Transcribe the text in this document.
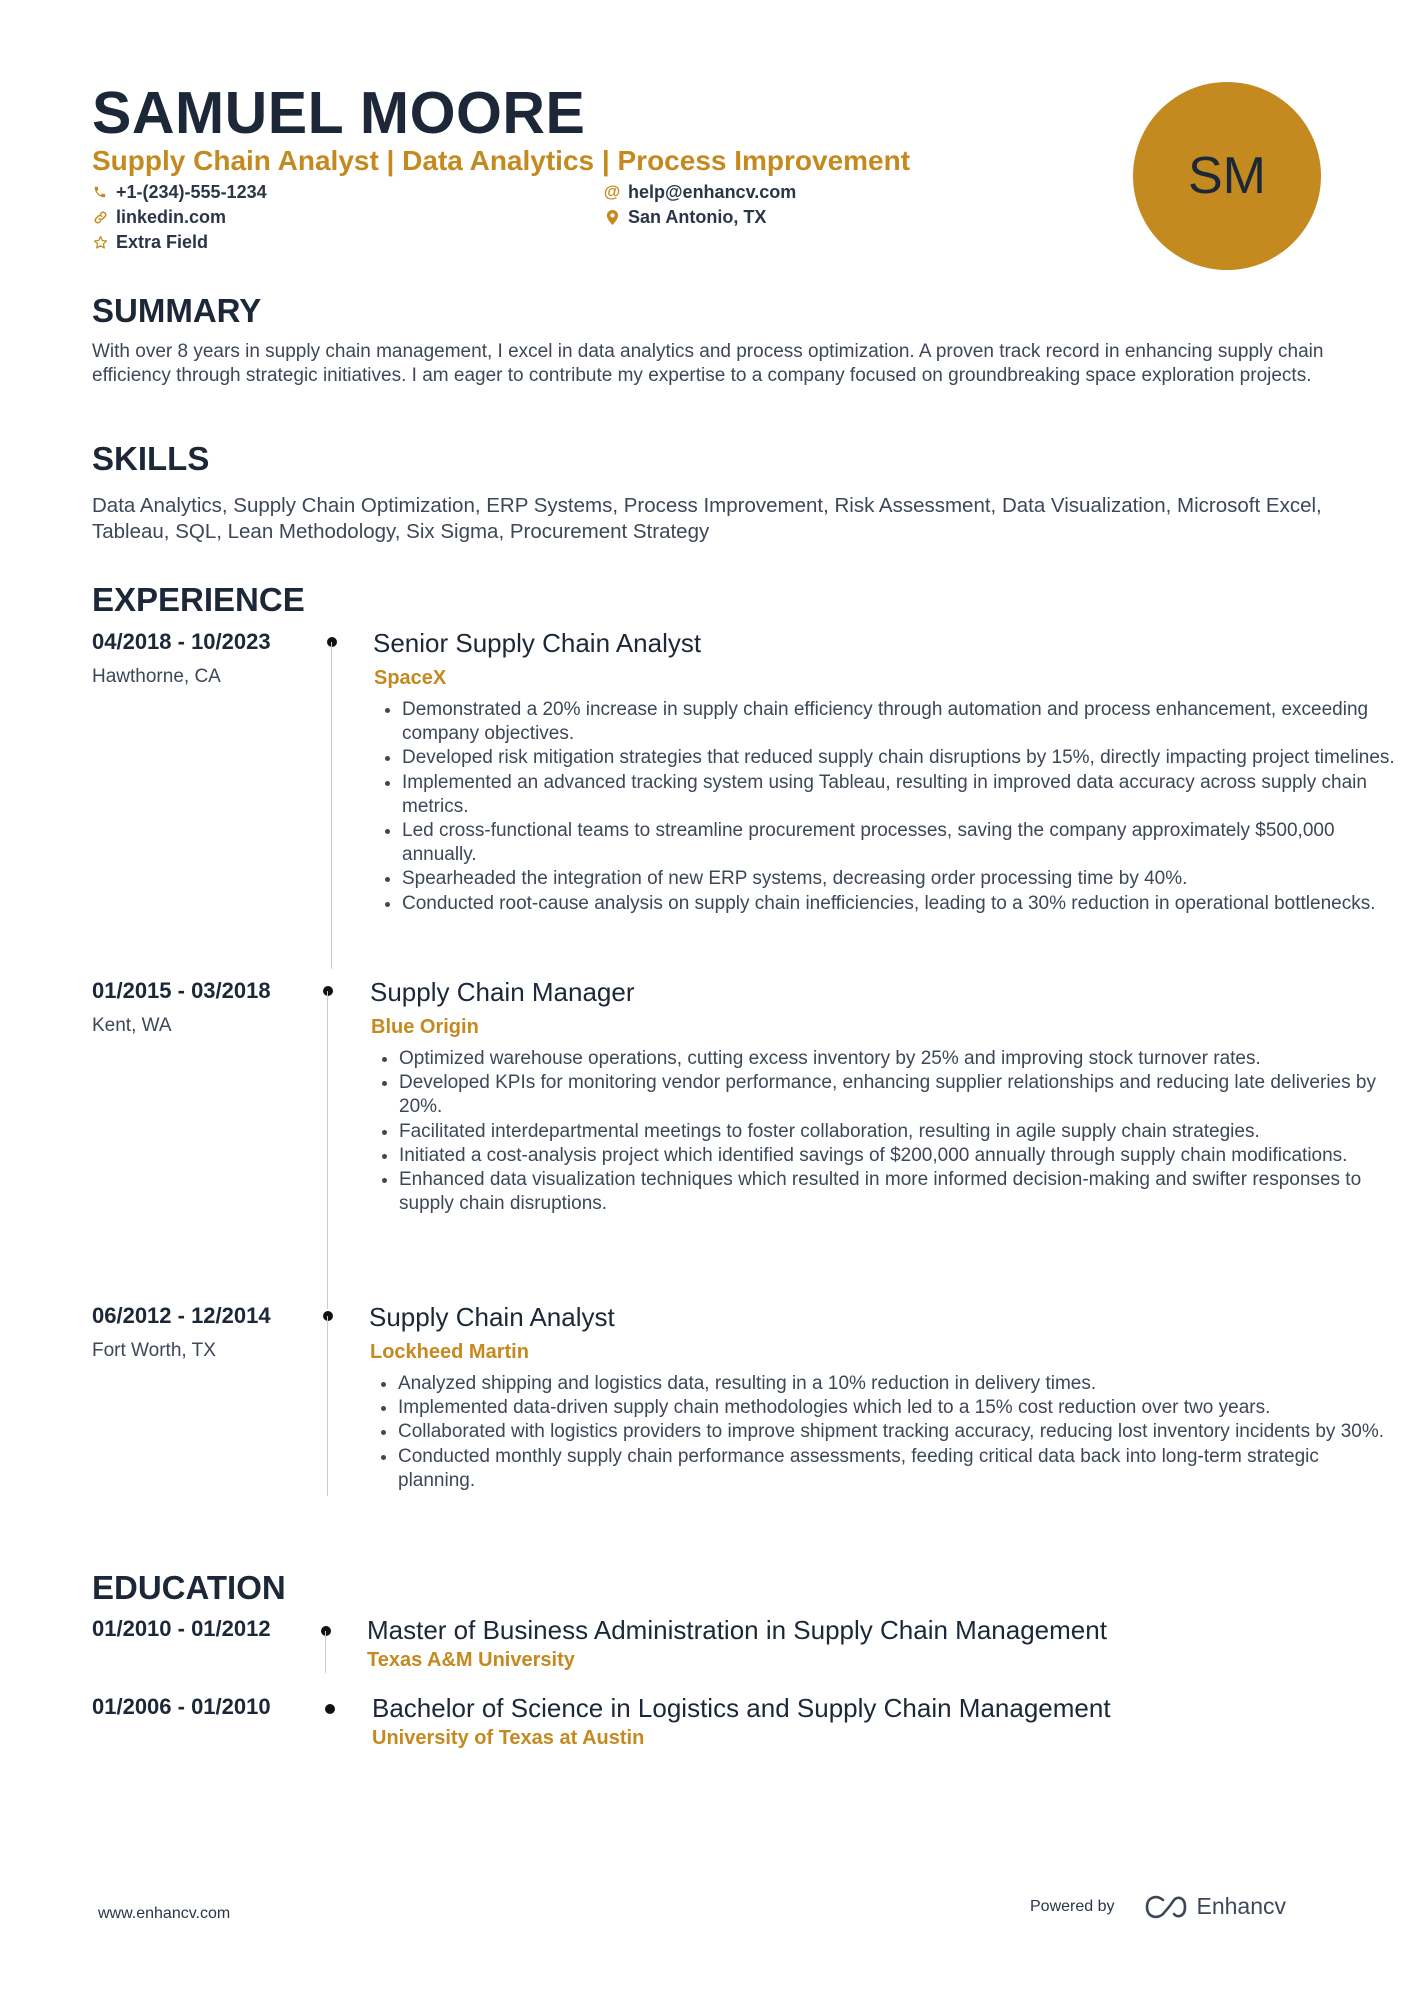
SAMUEL MOORE
Supply Chain Analyst | Data Analytics | Process Improvement
+1-(234)-555-1234
linkedin.com
Extra Field
@ help@enhancv.com
San Antonio, TX
SM
SUMMARY
With over 8 years in supply chain management, I excel in data analytics and process optimization. A proven track record in enhancing supply chain efficiency through strategic initiatives. I am eager to contribute my expertise to a company focused on groundbreaking space exploration projects.
SKILLS
Data Analytics, Supply Chain Optimization, ERP Systems, Process Improvement, Risk Assessment, Data Visualization, Microsoft Excel, Tableau, SQL, Lean Methodology, Six Sigma, Procurement Strategy
EXPERIENCE
04/2018 - 10/2023
Hawthorne, CA
Senior Supply Chain Analyst
SpaceX
• Demonstrated a 20% increase in supply chain efficiency through automation and process enhancement, exceeding company objectives.
• Developed risk mitigation strategies that reduced supply chain disruptions by 15%, directly impacting project timelines.
• Implemented an advanced tracking system using Tableau, resulting in improved data accuracy across supply chain metrics.
• Led cross-functional teams to streamline procurement processes, saving the company approximately $500,000 annually.
• Spearheaded the integration of new ERP systems, decreasing order processing time by 40%.
• Conducted root-cause analysis on supply chain inefficiencies, leading to a 30% reduction in operational bottlenecks.
01/2015 - 03/2018
Kent, WA
Supply Chain Manager
Blue Origin
• Optimized warehouse operations, cutting excess inventory by 25% and improving stock turnover rates.
• Developed KPIs for monitoring vendor performance, enhancing supplier relationships and reducing late deliveries by 20%.
• Facilitated interdepartmental meetings to foster collaboration, resulting in agile supply chain strategies.
• Initiated a cost-analysis project which identified savings of $200,000 annually through supply chain modifications.
• Enhanced data visualization techniques which resulted in more informed decision-making and swifter responses to supply chain disruptions.
06/2012 - 12/2014
Fort Worth, TX
Supply Chain Analyst
Lockheed Martin
• Analyzed shipping and logistics data, resulting in a 10% reduction in delivery times.
• Implemented data-driven supply chain methodologies which led to a 15% cost reduction over two years.
• Collaborated with logistics providers to improve shipment tracking accuracy, reducing lost inventory incidents by 30%.
• Conducted monthly supply chain performance assessments, feeding critical data back into long-term strategic planning.
EDUCATION
01/2010 - 01/2012	Master of Business Administration in Supply Chain Management
Texas A&M University
01/2006 - 01/2010	Bachelor of Science in Logistics and Supply Chain Management
University of Texas at Austin
www.enhancv.com	Powered by	Enhancv
